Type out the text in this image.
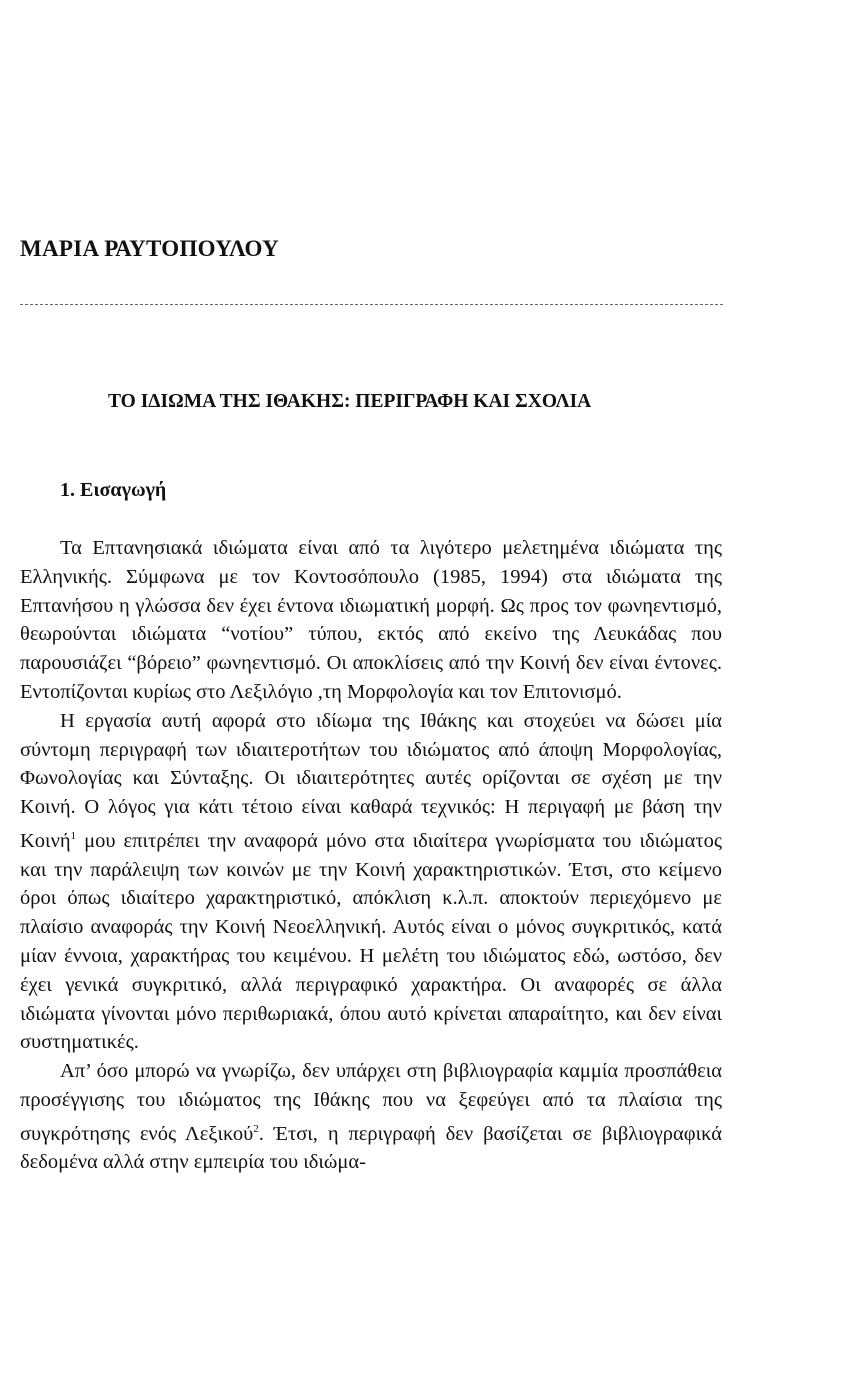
ΜΑΡΙΑ ΡΑΥΤΟΠΟΥΛΟΥ
ΤΟ ΙΔΙΩΜΑ ΤΗΣ ΙΘΑΚΗΣ: ΠΕΡΙΓΡΑΦΗ ΚΑΙ ΣΧΟΛΙΑ
1. Εισαγωγή

Τα Επτανησιακά ιδιώματα είναι από τα λιγότερο μελετημένα ιδιώματα της Ελληνικής. Σύμφωνα με τον Κοντοσόπουλο (1985, 1994) στα ιδιώματα της Επτανήσου η γλώσσα δεν έχει έντονα ιδιωματική μορφή. Ως προς τον φωνηεντισμό, θεωρούνται ιδιώματα “νοτίου” τύπου, εκτός από εκείνο της Λευκάδας που παρουσιάζει “βόρειο” φωνηεντισμό. Οι αποκλίσεις από την Κοινή δεν είναι έντονες. Εντοπίζονται κυρίως στο Λεξιλόγιο ,τη Μορφολογία και τον Επιτονισμό.

Η εργασία αυτή αφορά στο ιδίωμα της Ιθάκης και στοχεύει να δώσει μία σύντομη περιγραφή των ιδιαιτεροτήτων του ιδιώματος από άποψη Μορφολογίας, Φωνολογίας και Σύνταξης. Οι ιδιαιτερότητες αυτές ορίζονται σε σχέση με την Κοινή. Ο λόγος για κάτι τέτοιο είναι καθαρά τεχνικός: Η περιγαφή με βάση την Κοινή$^1$ μου επιτρέπει την αναφορά μόνο στα ιδιαίτερα γνωρίσματα του ιδιώματος και την παράλειψη των κοινών με την Κοινή χαρακτηριστικών. Έτσι, στο κείμενο όροι όπως ιδιαίτερο χαρακτηριστικό, απόκλιση κ.λ.π. αποκτούν περιεχόμενο με πλαίσιο αναφοράς την Κοινή Νεοελληνική. Αυτός είναι ο μόνος συγκριτικός, κατά μίαν έννοια, χαρακτήρας του κειμένου. Η μελέτη του ιδιώματος εδώ, ωστόσο, δεν έχει γενικά συγκριτικό, αλλά περιγραφικό χαρακτήρα. Οι αναφορές σε άλλα ιδιώματα γίνονται μόνο περιθωριακά, όπου αυτό κρίνεται απαραίτητο, και δεν είναι συστηματικές.

Απ’ όσο μπορώ να γνωρίζω, δεν υπάρχει στη βιβλιογραφία καμμία προσπάθεια προσέγγισης του ιδιώματος της Ιθάκης που να ξεφεύγει από τα πλαίσια της συγκρότησης ενός Λεξικού$^2$. Έτσι, η περιγραφή δεν βασίζεται σε βιβλιογραφικά δεδομένα αλλά στην εμπειρία του ιδιώμα-
